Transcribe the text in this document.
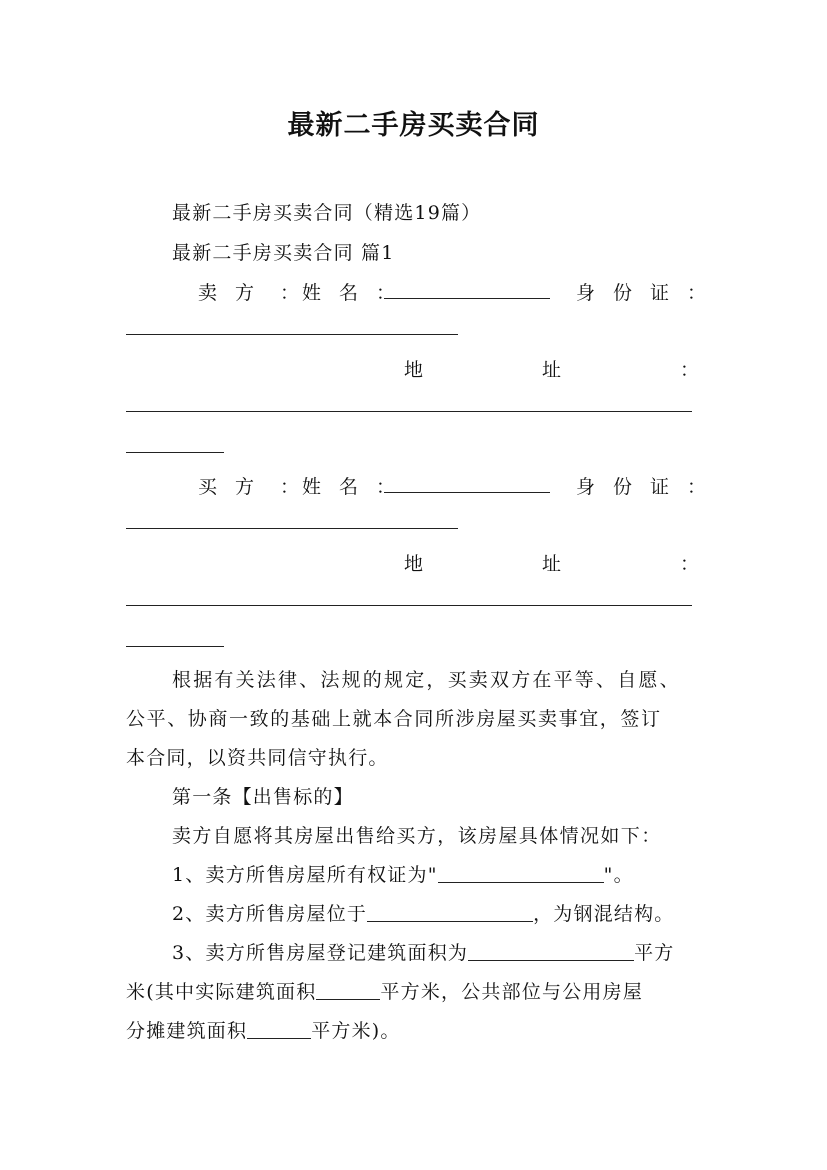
最新二手房买卖合同
最新二手房买卖合同（精选19篇）
最新二手房买卖合同 篇1
卖方 ： 姓名：	身份证：
地	址	：
买方 ： 姓名：	身份证：
地	址	：
根据有关法律、法规的规定，买卖双方在平等、自愿、
公平、协商一致的基础上就本合同所涉房屋买卖事宜，签订
本合同，以资共同信守执行。
第一条【出售标的】
卖方自愿将其房屋出售给买方，该房屋具体情况如下：
1、卖方所售房屋所有权证为"	"。
2、卖方所售房屋位于	，为钢混结构。
3、卖方所售房屋登记建筑面积为	平方
米(其中实际建筑面积	平方米，公共部位与公用房屋
分摊建筑面积	平方米)。
